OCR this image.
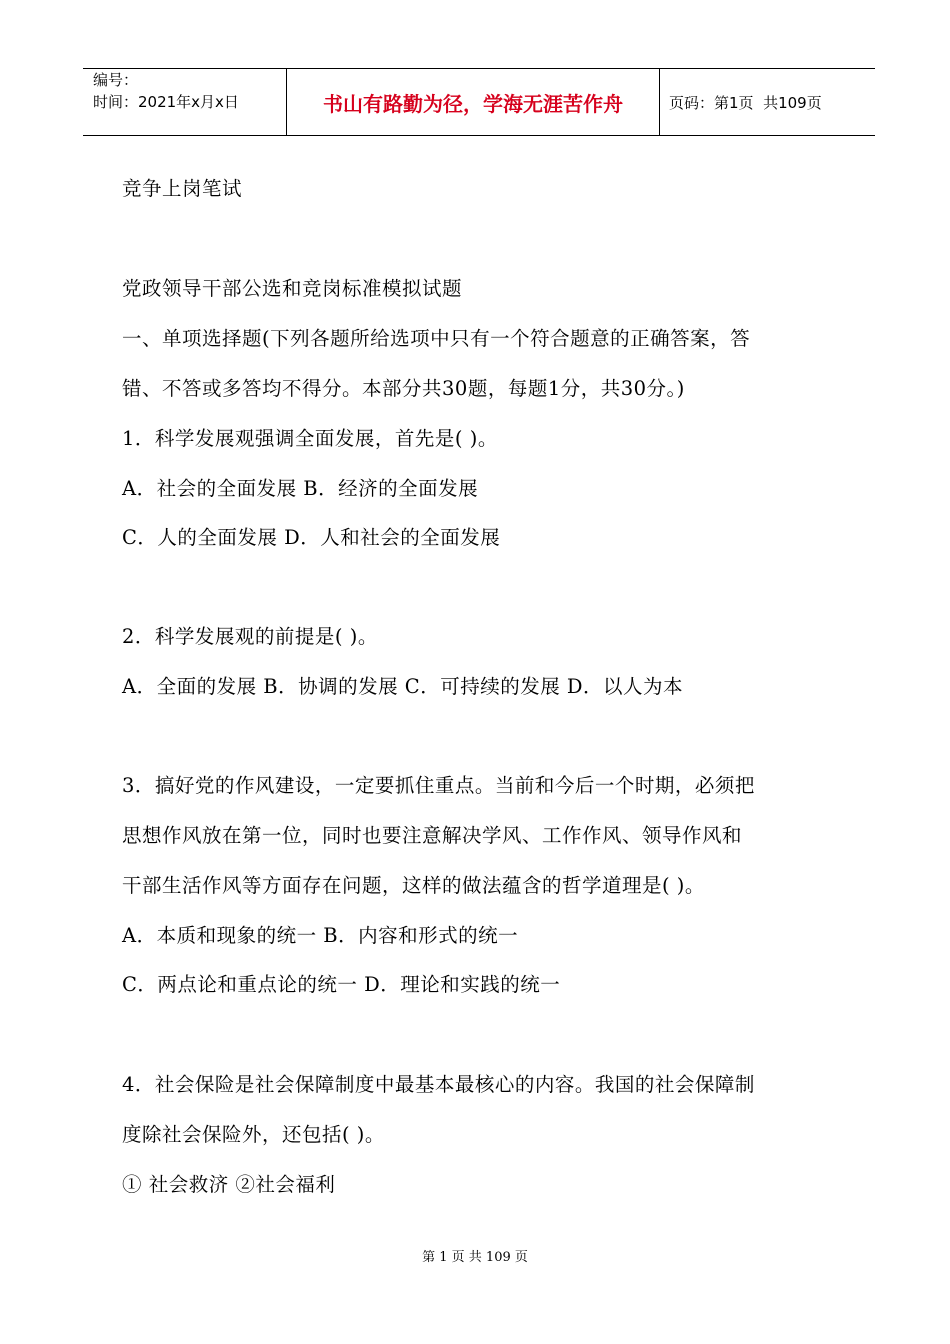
编号：
时间：2021年x月x日	书山有路勤为径，学海无涯苦作舟	页码：第1页  共109页
竞争上岗笔试
党政领导干部公选和竞岗标准模拟试题
一、单项选择题(下列各题所给选项中只有一个符合题意的正确答案，答
错、不答或多答均不得分。本部分共30题，每题1分，共30分。)
1．科学发展观强调全面发展，首先是( )。
A．社会的全面发展 B．经济的全面发展
C．人的全面发展 D．人和社会的全面发展
2．科学发展观的前提是( )。
A．全面的发展 B．协调的发展 C．可持续的发展 D．以人为本
3．搞好党的作风建设，一定要抓住重点。当前和今后一个时期，必须把
思想作风放在第一位，同时也要注意解决学风、工作作风、领导作风和
干部生活作风等方面存在问题，这样的做法蕴含的哲学道理是( )。
A．本质和现象的统一 B．内容和形式的统一
C．两点论和重点论的统一 D．理论和实践的统一
4．社会保险是社会保障制度中最基本最核心的内容。我国的社会保障制
度除社会保险外，还包括( )。
① 社会救济 ②社会福利
第 1 页 共 109 页
